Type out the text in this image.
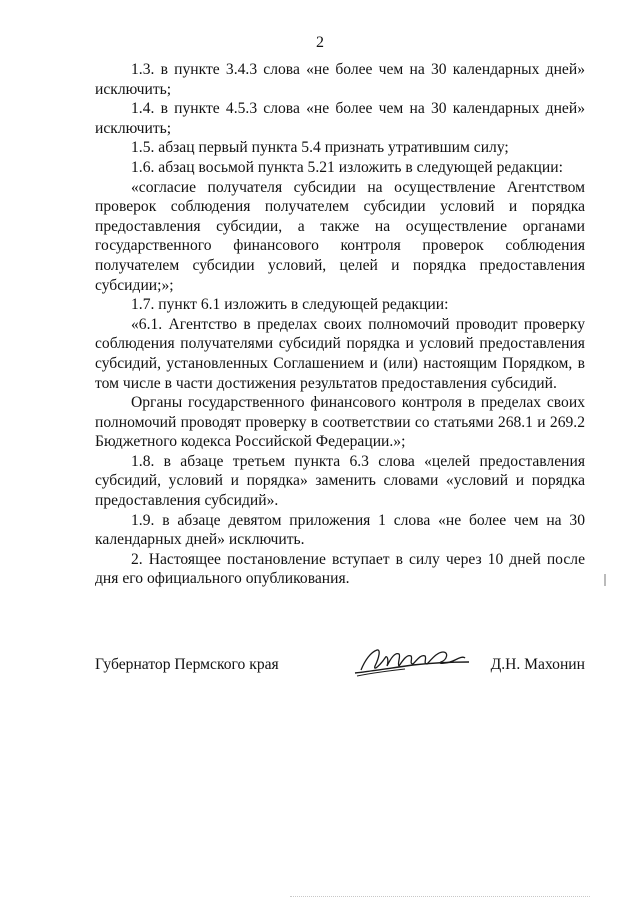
2

1.3. в пункте 3.4.3 слова «не более чем на 30 календарных дней» исключить;

1.4. в пункте 4.5.3 слова «не более чем на 30 календарных дней» исключить;

1.5. абзац первый пункта 5.4 признать утратившим силу;

1.6. абзац восьмой пункта 5.21 изложить в следующей редакции:

«согласие получателя субсидии на осуществление Агентством проверок соблюдения получателем субсидии условий и порядка предоставления субсидии, а также на осуществление органами государственного финансового контроля проверок соблюдения получателем субсидии условий, целей и порядка предоставления субсидии;»;

1.7. пункт 6.1 изложить в следующей редакции:

«6.1. Агентство в пределах своих полномочий проводит проверку соблюдения получателями субсидий порядка и условий предоставления субсидий, установленных Соглашением и (или) настоящим Порядком, в том числе в части достижения результатов предоставления субсидий.

Органы государственного финансового контроля в пределах своих полномочий проводят проверку в соответствии со статьями 268.1 и 269.2 Бюджетного кодекса Российской Федерации.»;

1.8. в абзаце третьем пункта 6.3 слова «целей предоставления субсидий, условий и порядка» заменить словами «условий и порядка предоставления субсидий».

1.9. в абзаце девятом приложения 1 слова «не более чем на 30 календарных дней» исключить.

2. Настоящее постановление вступает в силу через 10 дней после дня его официального опубликования.

Губернатор Пермского края	Д.Н. Махонин
